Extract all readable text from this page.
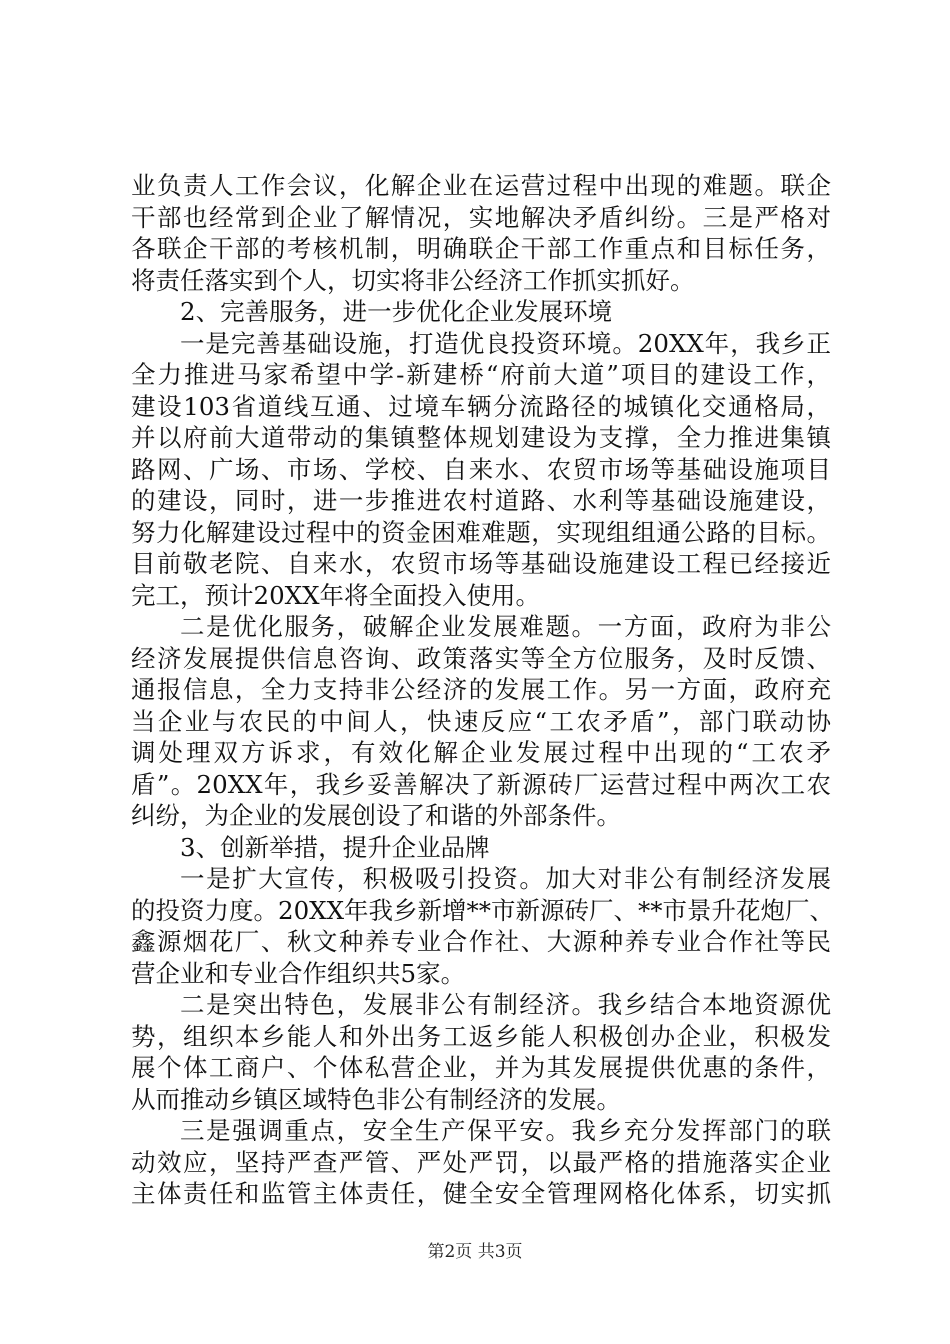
业负责人工作会议，化解企业在运营过程中出现的难题。联企
干部也经常到企业了解情况，实地解决矛盾纠纷。三是严格对
各联企干部的考核机制，明确联企干部工作重点和目标任务，
将责任落实到个人，切实将非公经济工作抓实抓好。
2、完善服务，进一步优化企业发展环境
一是完善基础设施，打造优良投资环境。20XX年，我乡正
全力推进马家希望中学-新建桥“府前大道”项目的建设工作，
建设103省道线互通、过境车辆分流路径的城镇化交通格局，
并以府前大道带动的集镇整体规划建设为支撑，全力推进集镇
路网、广场、市场、学校、自来水、农贸市场等基础设施项目
的建设，同时，进一步推进农村道路、水利等基础设施建设，
努力化解建设过程中的资金困难难题，实现组组通公路的目标。
目前敬老院、自来水，农贸市场等基础设施建设工程已经接近
完工，预计20XX年将全面投入使用。
二是优化服务，破解企业发展难题。一方面，政府为非公
经济发展提供信息咨询、政策落实等全方位服务，及时反馈、
通报信息，全力支持非公经济的发展工作。另一方面，政府充
当企业与农民的中间人，快速反应“工农矛盾”，部门联动协
调处理双方诉求，有效化解企业发展过程中出现的“工农矛
盾”。20XX年，我乡妥善解决了新源砖厂运营过程中两次工农
纠纷，为企业的发展创设了和谐的外部条件。
3、创新举措，提升企业品牌
一是扩大宣传，积极吸引投资。加大对非公有制经济发展
的投资力度。20XX年我乡新增**市新源砖厂、**市景升花炮厂、
鑫源烟花厂、秋文种养专业合作社、大源种养专业合作社等民
营企业和专业合作组织共5家。
二是突出特色，发展非公有制经济。我乡结合本地资源优
势，组织本乡能人和外出务工返乡能人积极创办企业，积极发
展个体工商户、个体私营企业，并为其发展提供优惠的条件，
从而推动乡镇区域特色非公有制经济的发展。
三是强调重点，安全生产保平安。我乡充分发挥部门的联
动效应，坚持严查严管、严处严罚，以最严格的措施落实企业
主体责任和监管主体责任，健全安全管理网格化体系，切实抓
第2页 共3页
